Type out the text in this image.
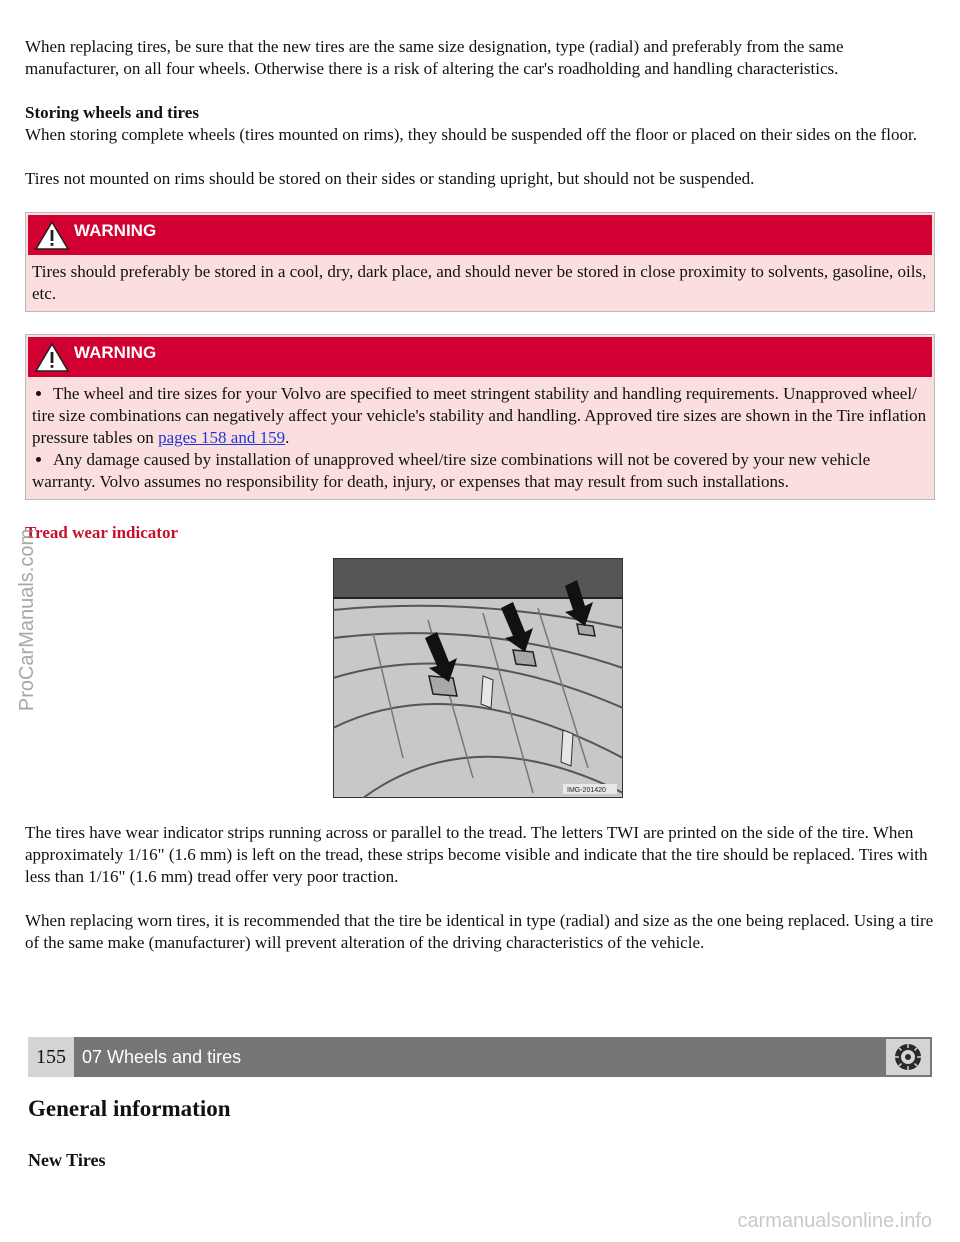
When replacing tires, be sure that the new tires are the same size designation, type (radial) and preferably from the same manufacturer, on all four wheels. Otherwise there is a risk of altering the car's roadholding and handling characteristics.

Storing wheels and tires

When storing complete wheels (tires mounted on rims), they should be suspended off the floor or placed on their sides on the floor.

Tires not mounted on rims should be stored on their sides or standing upright, but should not be suspended.

WARNING

Tires should preferably be stored in a cool, dry, dark place, and should never be stored in close proximity to solvents, gasoline, oils, etc.

WARNING

The wheel and tire sizes for your Volvo are specified to meet stringent stability and handling requirements. Unapproved wheel/ tire size combinations can negatively affect your vehicle's stability and handling. Approved tire sizes are shown in the Tire inflation pressure tables on pages 158 and 159.

Any damage caused by installation of unapproved wheel/tire size combinations will not be covered by your new vehicle warranty. Volvo assumes no responsibility for death, injury, or expenses that may result from such installations.

Tread wear indicator

IMG-201420

The tires have wear indicator strips running across or parallel to the tread. The letters TWI are printed on the side of the tire. When approximately 1/16" (1.6 mm) is left on the tread, these strips become visible and indicate that the tire should be replaced. Tires with less than 1/16" (1.6 mm) tread offer very poor traction.

When replacing worn tires, it is recommended that the tire be identical in type (radial) and size as the one being replaced. Using a tire of the same make (manufacturer) will prevent alteration of the driving characteristics of the vehicle.

155 07 Wheels and tires
General information
New Tires
ProCarManuals.com
carmanualsonline.info
